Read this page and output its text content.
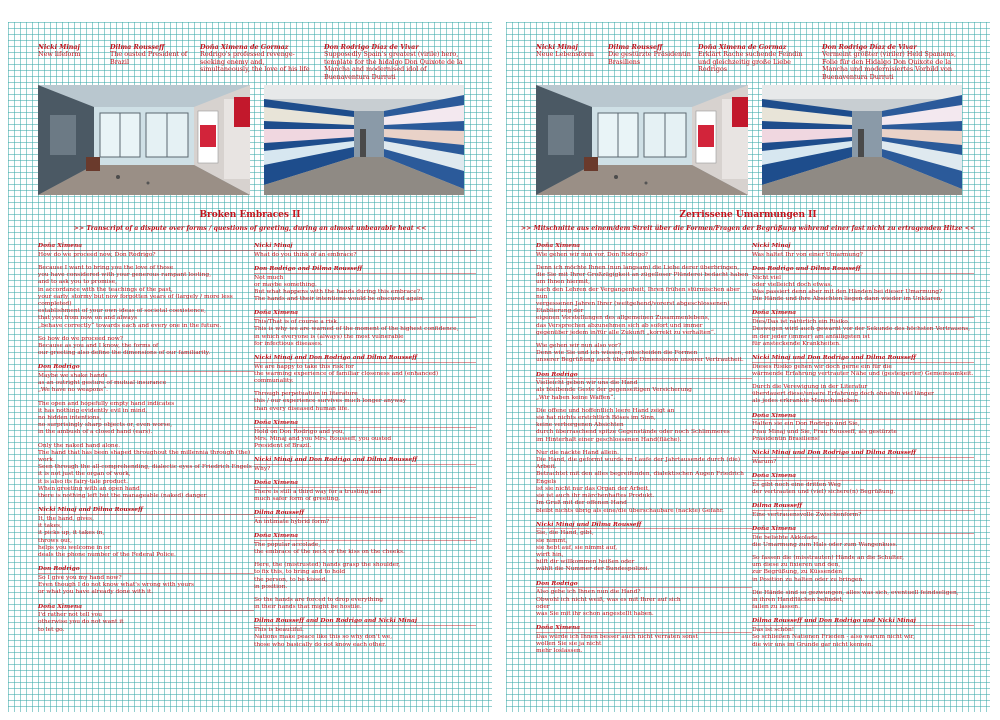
Nicki Minaj
New lifeform
Dilma Rousseff
The ousted President of Brazil
Doña Ximena de Gormaz
Rodrigo's professed revenge-seeking enemy and, simultaneously, the love of his life
Don Rodrigo Díaz de Vivar
Supposedly Spain's greatest (virile) hero, template for the hidalgo Don Quixote de la Mancha and modernised idol of Buenaventura Durruti
Broken Embraces II
>> Transcript of a dispute over forms / questions of greeting, during an almost unbearable heat <<
Doña Ximena
How do we proceed now, Don Rodrigo?
Because I want to bring you the love of those
you have considered with your generous rampant looting,
and to ask you to promise,
in accordance with the teachings of the past,
your early, stormy but now forgotten years of (largely / more less completed)
establishment of your own ideas of societal coexistence,
that you from now on and always
„behave correctly“ towards each and every one in the future.
So how do we proceed now?
Because as you and I know, the forms of
our greeting also define the dimensions of our familiarity.
Don Rodrigo
Maybe we shake hands
as an outright gesture of mutual insurance
„We have no weapons“.
The open and hopefully empty hand indicates
it has nothing evidently evil in mind,
no hidden intentions,
no surprisingly sharp objects or, even worse,
in the ambush of a closed hand (ears).
Only the naked hand alone.
The hand that has been shaped throughout the millennia through (the) work.
Seen through the all-comprehending, dialectic eyes of Friedrich Engels
it is not just the organ of work,
it is also its fairy-tale product.
When greeting with an open hand
there is nothing left but the manageable (naked) danger.
Nicki Minaj and Dilma Rousseff
It, the hand, gives,
it takes,
it picks up, it takes in,
throws out,
helps you welcome in or
deals the phone number of the Federal Police.
Don Rodrigo
So I give you my hand now?
Even though I do not know what's wrong with yours
or what you have already done with it.
Doña Ximena
I'd rather not tell you
otherwise you do not want it
to let go.
Nicki Minaj
What do you think of an embrace?
Don Rodrigo and Dilma Rousseff
Not much
or maybe something.
But what happens with the hands during this embrace?
The hands and their intentions would be obscured again.
Doña Ximena
This/That is of course a risk.
This is why we are warned of the moment of the highest confidence,
in which everyone is (always) the most vulnerable
for infectious diseases.
Nicki Minaj and Don Rodrigo and Dilma Rousseff
We are happy to take this risk for
the warming experience of familiar closeness and (enhanced) communality.
Through perpetuation in literature
this / our experience survives much longer anyway
than every diseased human life.
Doña Ximena
Hold on Don Rodrigo and you,
Mrs. Minaj and you Mrs. Rousseff, you ousted
President of Brazil.
Nicki Minaj and Don Rodrigo and Dilma Rousseff
Why?
Doña Ximena
There is still a third way for a trusting and
much safer form of greeting.
Dilma Rousseff
An intimate hybrid form?
Doña Ximena
The popular accolade,
the embrace of the neck or the kiss on the cheeks.
Here, the (mistrusted) hands grasp the shoulder,
to fix this, to bring and to hold
the person, to be kissed,
in position.
So the hands are forced to drop everything
in their hands that might be hostile.
Dilma Rousseff and Don Rodrigo and Nicki Minaj
This is beautiful.
Nations make peace like this so why don't we,
those who basically do not know each other.
Nicki Minaj
Neue Lebensform
Dilma Rousseff
Die gestürzte Präsidentin Brasiliens
Doña Ximena de Gormaz
Erklärt Rache suchende Feindin und gleichzeitig große Liebe Rodrigos
Don Rodrigo Díaz de Vivar
Vermeint größter (viriler) Held Spaniens, Folie für den Hidalgo Don Quixote de la Mancha und modernisiertes Vorbild von Buenaventura Durruti
Zerrissene Umarmungen II
>> Mitschnitte aus einem/dem Streit über die Formen/Fragen der Begrüßung während einer fast nicht zu ertragenden Hitze <<
Doña Ximena
Wie gehen wir nun vor, Don Rodrigo?
Denn ich möchte Ihnen (nun langsam) die Liebe derer überbringen,
die Sie mit Ihrer Großzügigkeit an zügelloser Plünderei bedacht haben
um Ihnen hiermit,
nach den Lehren der Vergangenheit, Ihren frühen stürmischen aber nun
vergessenen Jahren Ihrer (weitgehend/vorerst abgeschlossenen) Etablierung der
eigenen Vorstellungen des allgemeinen Zusammenlebens,
das Versprechen abzunehmen sich ab sofort und immer
gegenüber jedem in/für alle Zukunft „korrekt zu verhalten“.
Wie gehen wir nun also vor?
Denn wie Sie und ich wissen, entscheiden die Formen
unserer Begrüßung auch über die Dimensionen unserer Vertrautheit.
Don Rodrigo
Vielleicht geben wir uns die Hand
als bleibende Geste der gegenseitigen Versicherung
„Wir haben keine Waffen“.
Die offene und hoffentlich leere Hand zeigt an
sie hat nichts erstchtlich Böses im Sinn,
keine verborgenen Absichten
durch überraschend spitze Gegenstände oder noch Schlimmeres
im Hinterhalt einer geschlossenen Hand(fläche).
Nur die nackte Hand allein.
Die Hand, die geformt wurde im Laufe der Jahrtausende durch (die) Arbeit.
Betrachtet mit den alles begreifenden, dialektischen Augen Friedrich Engels
ist sie nicht nur das Organ der Arbeit,
sie ist auch ihr märchenhaftes Produkt.
Im Gruß mit der offenen Hand
bleibt nichts übrig als eine/die überschaubare (nackte) Gefahr.
Nicki Minaj und Dilma Rousseff
Sie, die Hand, gibt,
sie nimmt,
sie hebt auf, sie nimmt auf,
wirft hin,
hilft dir willkommen heißen oder
wählt die Nummer der Bundespolizei.
Don Rodrigo
Also gebe ich Ihnen nun die Hand?
Obwohl ich nicht weiß, was es mit Ihrer auf sich
oder
was Sie mit ihr schon angestellt haben.
Doña Ximena
Das würde ich Ihnen besser auch nicht verraten sonst
wollen Sie sie ja nicht
mehr loslassen.
Nicki Minaj
Was haltet Ihr von einer Umarmung?
Don Rodrigo und Dilma Rousseff
Nicht viel
oder vielleicht doch etwas.
Was passiert denn aber mit den Händen bei dieser Umarmung?
Die Hände und ihre Absichten liegen dann wieder im Unklaren.
Doña Ximena
Dies/Das ist natürlich ein Risiko.
Deswegen wird auch gewarnt vor der Sekunde des höchsten Vertrauens,
in der jeder (immer) am anfälligsten ist
für ansteckende Krankheiten.
Nicki Minaj und Don Rodrigo und Dilma Rousseff
Dieses Risiko gehen wir doch gerne ein für die
wärmende Erfahrung vertrauter Nähe und (gesteigerter) Gemeinsamkeit.
Durch die Verewigung in der Literatur
überdauert diese/unsere Erfahrung doch ohnehin viel länger
als jedes erkrankte Menschenleben.
Doña Ximena
Halten sie ein Don Rodrigo und Sie,
Frau Minaj und Sie, Frau Rousseff, als gestürzte
Präsidentin Brasiliens!
Nicki Minaj und Don Rodrigo und Dilma Rousseff
Warum?
Doña Ximena
Es gibt noch eine dritten Weg
der vertrauten und (viel) sichere(n) Begrüßung.
Dilma Rousseff
Eine vertrauensvolle Zwischenform?
Doña Ximena
Die beliebte Akkolade,
die Umarmung zum Hals oder zum Wangenkuss.
So fassen die (misstrauten) Hände an die Schulter,
um diese zu fixieren und den,
zur Begrüßung, zu Küssenden
in Position zu halten oder zu bringen.
Die Hände sind so gezwungen, alles was sich, eventuell feindseligen,
in ihren Handflächen befindet,
fallen zu lassen.
Dilma Rousseff und Don Rodrigo und Nicki Minaj
Das ist schön!
So schließen Nationen Frieden - also warum nicht wir,
die wir uns im Grunde gar nicht kennen.
